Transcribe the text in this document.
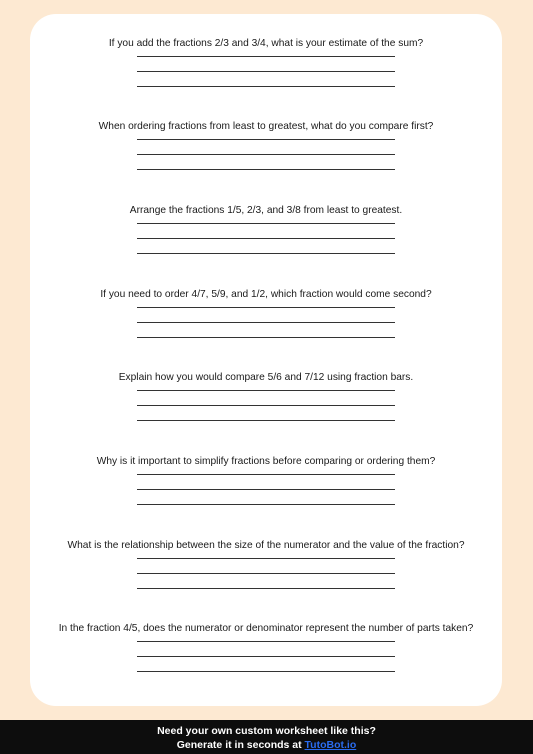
If you add the fractions 2/3 and 3/4, what is your estimate of the sum?

When ordering fractions from least to greatest, what do you compare first?

Arrange the fractions 1/5, 2/3, and 3/8 from least to greatest.

If you need to order 4/7, 5/9, and 1/2, which fraction would come second?

Explain how you would compare 5/6 and 7/12 using fraction bars.

Why is it important to simplify fractions before comparing or ordering them?

What is the relationship between the size of the numerator and the value of the fraction?

In the fraction 4/5, does the numerator or denominator represent the number of parts taken?

Need your own custom worksheet like this?
Generate it in seconds at TutoBot.io
